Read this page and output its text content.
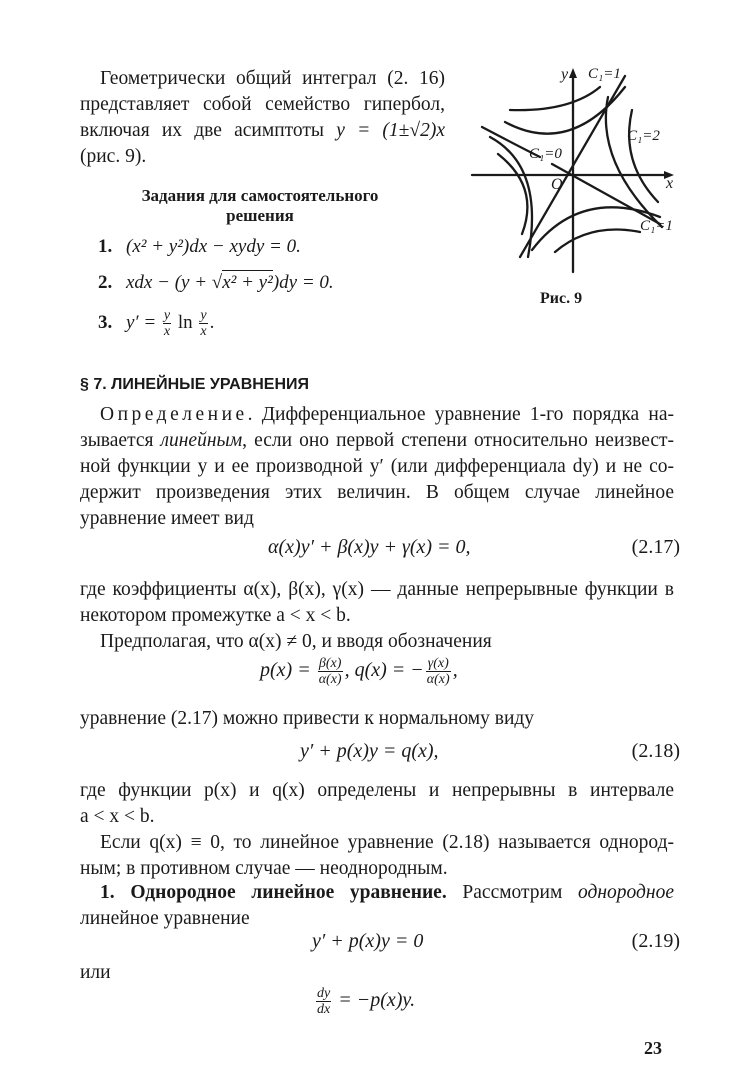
Геометрически общий интеграл (2. 16)
представляет собой семейство гипербол,
включая их две асимптоты y = (1±√2)x
(рис. 9).
y
x
O
C₁=1
C₁=2
C₁=0
C₁=1
Рис. 9
Задания для самостоятельного
решения
1. (x² + y²)dx − xydy = 0.
2. xdx − (y + √x² + y²)dy = 0.
3. $y' = \frac{y}{x}$ $\ln \frac{y}{x}$ .
§ 7. ЛИНЕЙНЫЕ УРАВНЕНИЯ
Определение. Дифференциальное уравнение 1-го порядка на-
зывается линейным, если оно первой степени относительно неизвест-
ной функции y и ее производной y′ (или дифференциала dy) и не со-
держит произведения этих величин. В общем случае линейное
уравнение имеет вид
α(x)y′ + β(x)y + γ(x) = 0,	(2.17)
где коэффициенты α(x), β(x), γ(x) — данные непрерывные функции в
некотором промежутке a < x < b.
Предполагая, что α(x) ≠ 0, и вводя обозначения
$p(x) = \frac{\beta(x)}{\alpha(x)}$ , q(x) = − $\frac{\gamma(x)}{\alpha(x)}$ ,
уравнение (2.17) можно привести к нормальному виду
y′ + p(x)y = q(x),	(2.18)
где функции p(x) и q(x) определены и непрерывны в интервале
a < x < b.
Если q(x) ≡ 0, то линейное уравнение (2.18) называется однород-
ным; в противном случае — неоднородным.
1. Однородное линейное уравнение. Рассмотрим однородное
линейное уравнение
y′ + p(x)y = 0	(2.19)
или
$\frac{dy}{dx} = -p(x)y$.
23
